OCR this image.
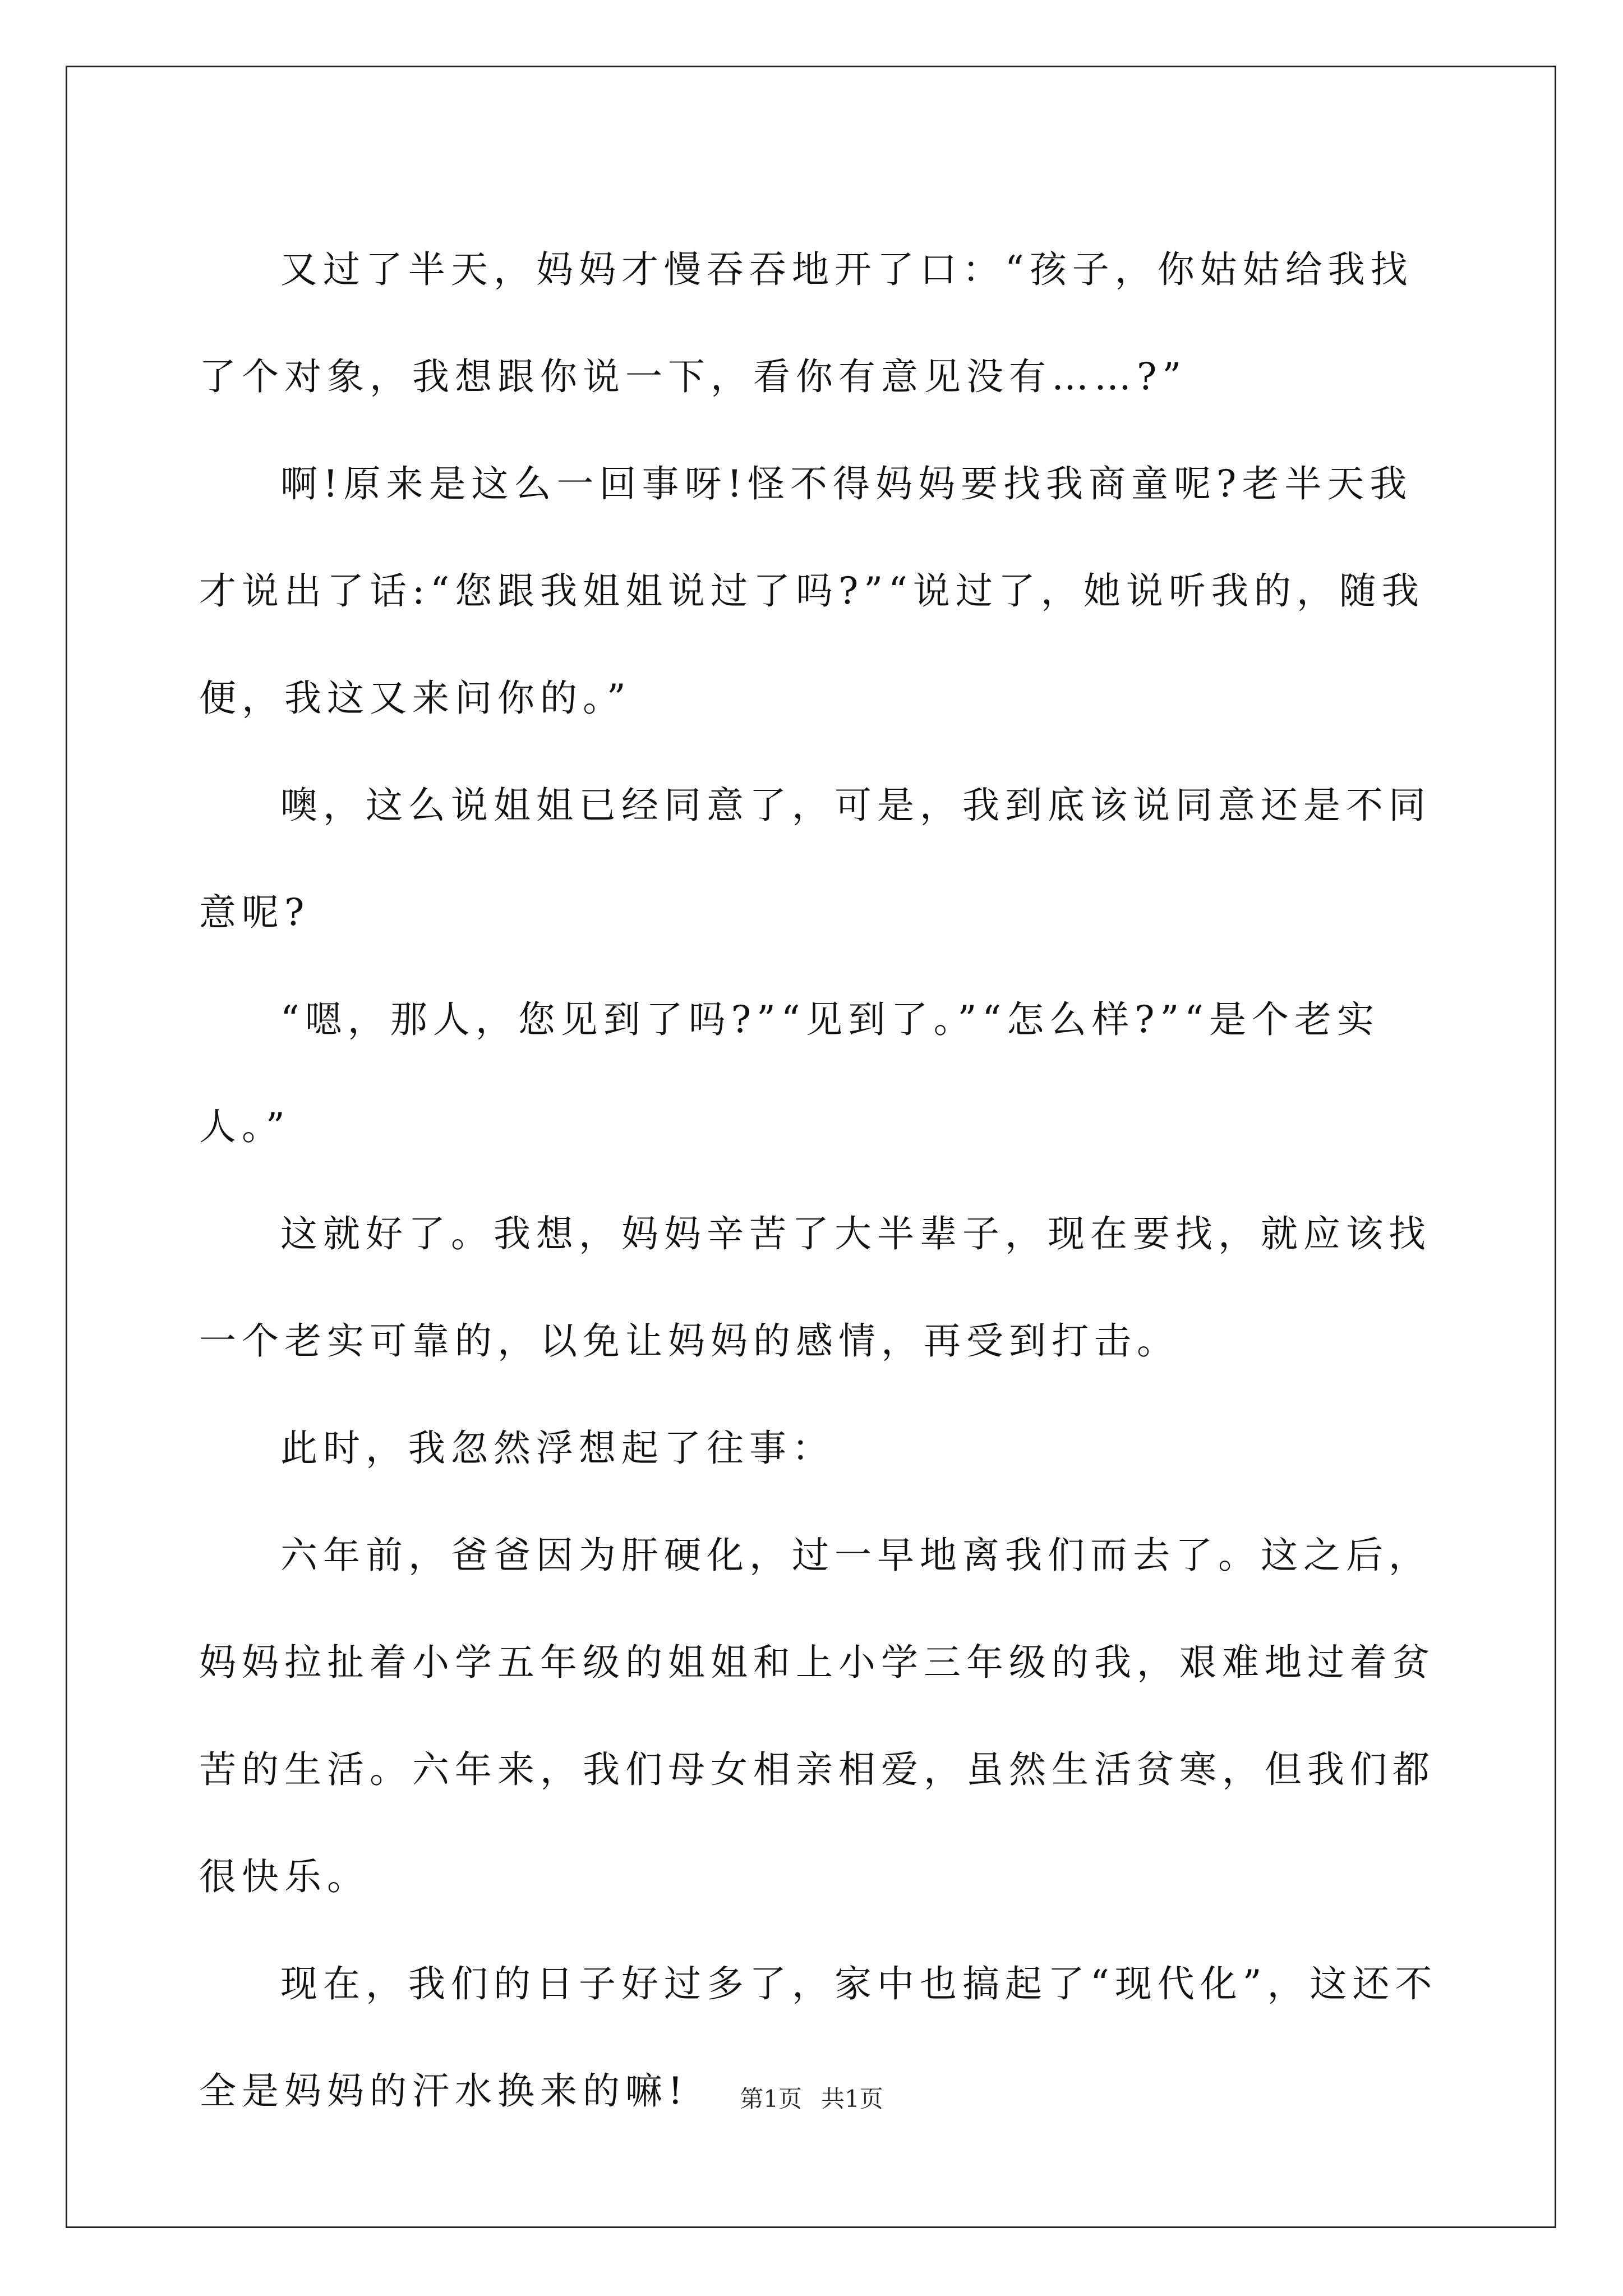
又过了半天，妈妈才慢吞吞地开了口：“孩子，你姑姑给我找了个对象，我想跟你说一下，看你有意见没有……?”

啊!原来是这么一回事呀!怪不得妈妈要找我商童呢?老半天我才说出了话:“您跟我姐姐说过了吗?”“说过了，她说听我的，随我便，我这又来问你的。”

噢，这么说姐姐已经同意了，可是，我到底该说同意还是不同意呢?

“嗯，那人，您见到了吗?”“见到了。”“怎么样?”“是个老实人。”

这就好了。我想，妈妈辛苦了大半辈子，现在要找，就应该找一个老实可靠的，以免让妈妈的感情，再受到打击。

此时，我忽然浮想起了往事：

六年前，爸爸因为肝硬化，过一早地离我们而去了。这之后，妈妈拉扯着小学五年级的姐姐和上小学三年级的我，艰难地过着贫苦的生活。六年来，我们母女相亲相爱，虽然生活贫寒，但我们都很快乐。

现在，我们的日子好过多了，家中也搞起了“现代化”，这还不全是妈妈的汗水换来的嘛!	第1页 共1页
